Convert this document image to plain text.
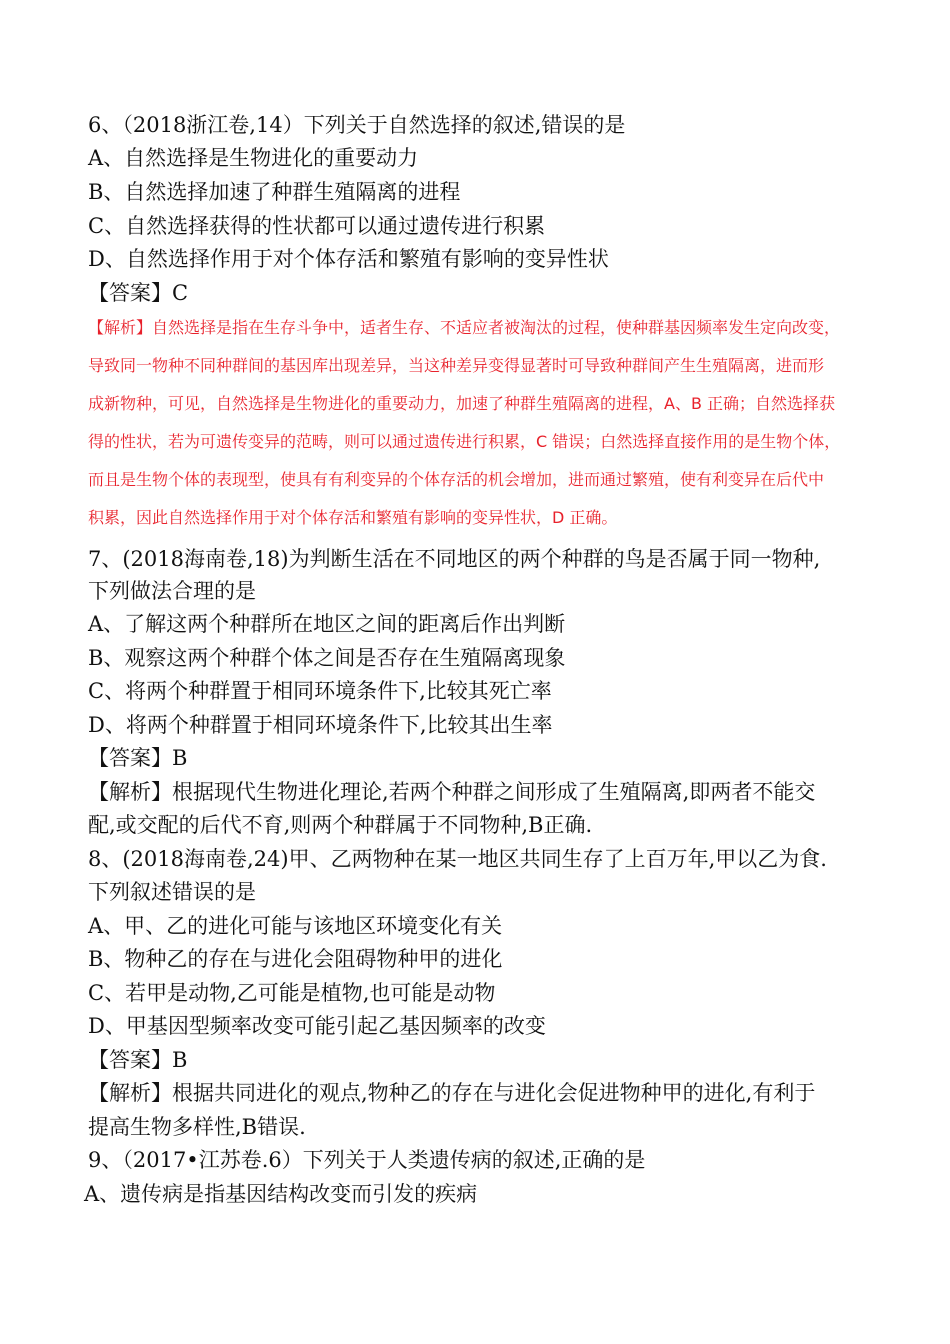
6、（2018浙江卷,14）下列关于自然选择的叙述,错误的是
A、自然选择是生物进化的重要动力
B、自然选择加速了种群生殖隔离的进程
C、自然选择获得的性状都可以通过遗传进行积累
D、自然选择作用于对个体存活和繁殖有影响的变异性状
【答案】C
【解析】自然选择是指在生存斗争中，适者生存、不适应者被淘汰的过程，使种群基因频率发生定向改变，
导致同一物种不同种群间的基因库出现差异，当这种差异变得显著时可导致种群间产生生殖隔离，进而形
成新物种，可见，自然选择是生物进化的重要动力，加速了种群生殖隔离的进程，A、B 正确；自然选择获
得的性状，若为可遗传变异的范畴，则可以通过遗传进行积累，C 错误；白然选择直接作用的是生物个体，
而且是生物个体的表现型，使具有有利变异的个体存活的机会增加，进而通过繁殖，使有利变异在后代中
积累，因此自然选择作用于对个体存活和繁殖有影响的变异性状，D 正确。
7、(2018海南卷,18)为判断生活在不同地区的两个种群的鸟是否属于同一物种,
下列做法合理的是
A、了解这两个种群所在地区之间的距离后作出判断
B、观察这两个种群个体之间是否存在生殖隔离现象
C、将两个种群置于相同环境条件下,比较其死亡率
D、将两个种群置于相同环境条件下,比较其出生率
【答案】B
【解析】根据现代生物进化理论,若两个种群之间形成了生殖隔离,即两者不能交
配,或交配的后代不育,则两个种群属于不同物种,B正确.
8、(2018海南卷,24)甲、乙两物种在某一地区共同生存了上百万年,甲以乙为食.
下列叙述错误的是
A、甲、乙的进化可能与该地区环境变化有关
B、物种乙的存在与进化会阻碍物种甲的进化
C、若甲是动物,乙可能是植物,也可能是动物
D、甲基因型频率改变可能引起乙基因频率的改变
【答案】B
【解析】根据共同进化的观点,物种乙的存在与进化会促进物种甲的进化,有利于
提高生物多样性,B错误.
9、（2017•江苏卷.6）下列关于人类遗传病的叙述,正确的是
A、遗传病是指基因结构改变而引发的疾病
